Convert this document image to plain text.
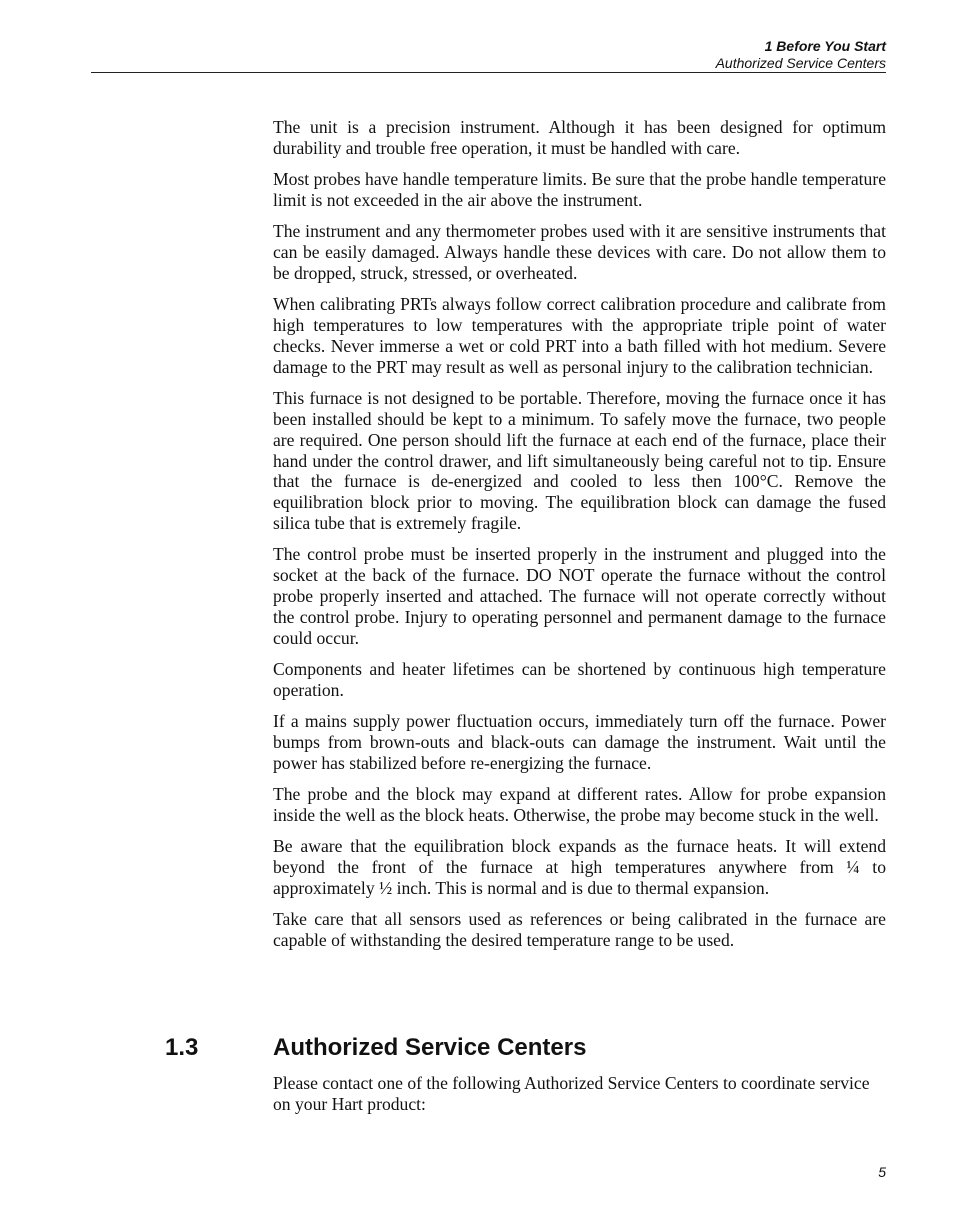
1 Before You Start
Authorized Service Centers

The unit is a precision instrument. Although it has been designed for optimum durability and trouble free operation, it must be handled with care.

Most probes have handle temperature limits. Be sure that the probe handle temperature limit is not exceeded in the air above the instrument.

The instrument and any thermometer probes used with it are sensitive instruments that can be easily damaged. Always handle these devices with care. Do not allow them to be dropped, struck, stressed, or overheated.

When calibrating PRTs always follow correct calibration procedure and calibrate from high temperatures to low temperatures with the appropriate triple point of water checks. Never immerse a wet or cold PRT into a bath filled with hot medium. Severe damage to the PRT may result as well as personal injury to the calibration technician.

This furnace is not designed to be portable. Therefore, moving the furnace once it has been installed should be kept to a minimum. To safely move the furnace, two people are required. One person should lift the furnace at each end of the furnace, place their hand under the control drawer, and lift simultaneously being careful not to tip. Ensure that the furnace is de-energized and cooled to less then 100°C. Remove the equilibration block prior to moving. The equilibration block can damage the fused silica tube that is extremely fragile.

The control probe must be inserted properly in the instrument and plugged into the socket at the back of the furnace. DO NOT operate the furnace without the control probe properly inserted and attached. The furnace will not operate correctly without the control probe. Injury to operating personnel and permanent damage to the furnace could occur.

Components and heater lifetimes can be shortened by continuous high temperature operation.

If a mains supply power fluctuation occurs, immediately turn off the furnace. Power bumps from brown-outs and black-outs can damage the instrument. Wait until the power has stabilized before re-energizing the furnace.

The probe and the block may expand at different rates. Allow for probe expansion inside the well as the block heats. Otherwise, the probe may become stuck in the well.

Be aware that the equilibration block expands as the furnace heats. It will extend beyond the front of the furnace at high temperatures anywhere from ¼ to approximately ½ inch. This is normal and is due to thermal expansion.

Take care that all sensors used as references or being calibrated in the furnace are capable of withstanding the desired temperature range to be used.

1.3	Authorized Service Centers

Please contact one of the following Authorized Service Centers to coordinate service on your Hart product:

5
